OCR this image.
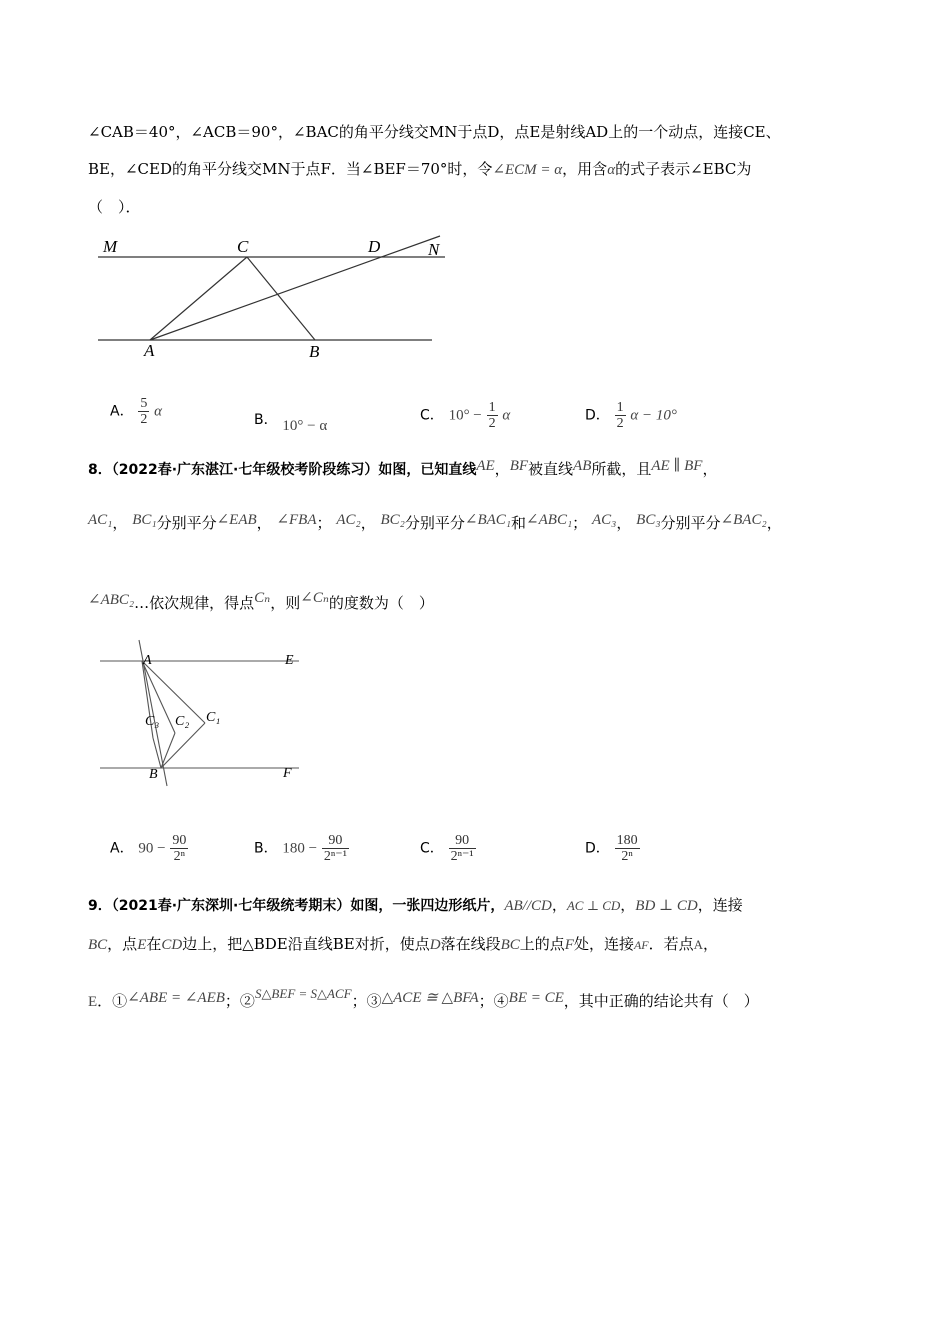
∠CAB＝40°，∠ACB＝90°，∠BAC的角平分线交MN于点D，点E是射线AD上的一个动点，连接CE、
BE，∠CED的角平分线交MN于点F．当∠BEF＝70°时，令∠ECM = α，用含α的式子表示∠EBC为
（　）．
M	C	D	N
A	B
A． $\frac{5}{2}$ α
B． 10° − α
C． $10^\circ - \frac{1}{2}$ α	D． $\frac{1}{2}$ α − 10°
8．（2022春·广东湛江·七年级校考阶段练习）如图，已知直线AE，BF被直线AB所截，且AE ∥ BF，
AC₁， BC₁分别平分∠EAB， ∠FBA； AC₂， BC₂分别平分∠BAC₁和∠ABC₁； AC₃， BC₃分别平分∠BAC₂，
∠ABC₂…依次规律，得点Cₙ，则∠Cₙ的度数为（　）
A	E
C₁
C₂
C₃
B	F
A． $90 - \frac{90}{\text{2ⁿ}}$	B． $180 - \frac{90}{\text{2ⁿ⁻¹}}$	C． $\frac{90}{\text{2ⁿ⁻¹}}$	D． $\frac{180}{\text{2ⁿ}}$
9．（2021春·广东深圳·七年级统考期末）如图，一张四边形纸片，AB//CD，AC ⊥ CD，BD ⊥ CD，连接
BC，点E在CD边上，把△BDE沿直线BE对折，使点D落在线段BC上的点F处，连接AF．若点A，
E．①∠ABE = ∠AEB；②S△BEF = S△ACF；③△ACE ≅ △BFA；④BE = CE，其中正确的结论共有（　）
